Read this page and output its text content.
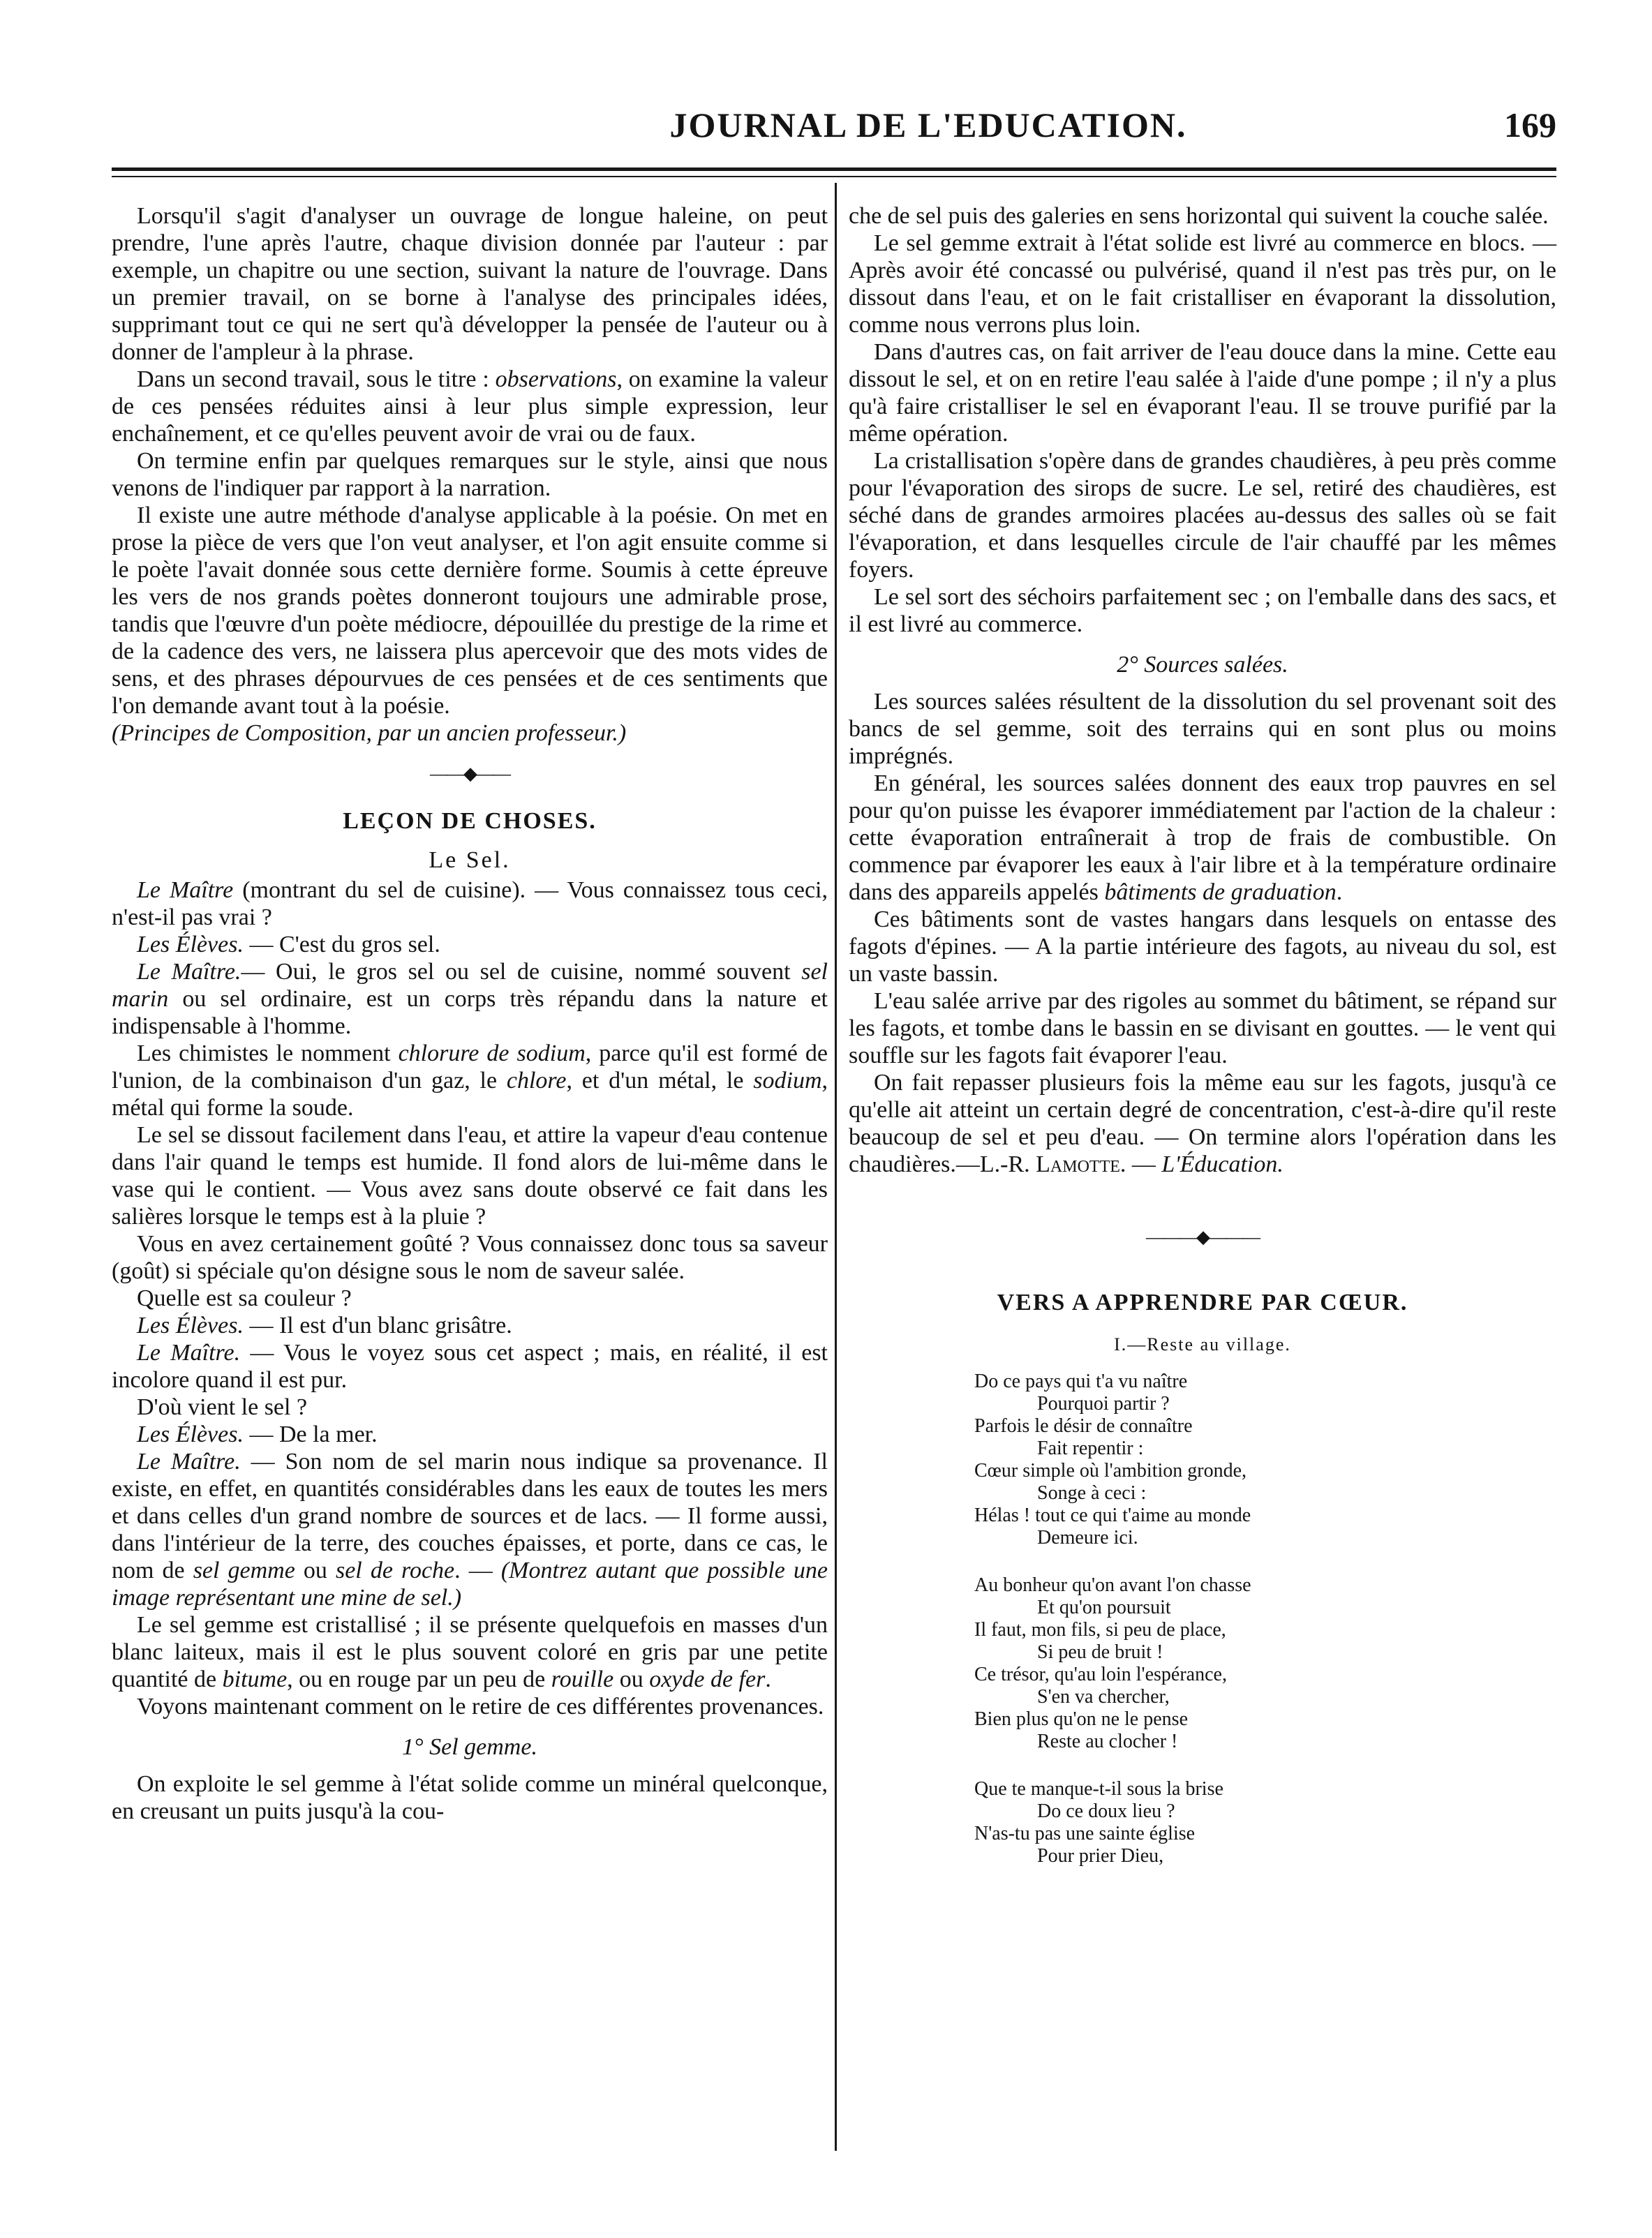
JOURNAL DE L'EDUCATION.	169

Lorsqu'il s'agit d'analyser un ouvrage de longue haleine, on peut prendre, l'une après l'autre, chaque division donnée par l'auteur : par exemple, un chapitre ou une section, suivant la nature de l'ouvrage. Dans un premier travail, on se borne à l'analyse des principales idées, supprimant tout ce qui ne sert qu'à développer la pensée de l'auteur ou à donner de l'ampleur à la phrase.

Dans un second travail, sous le titre : observations, on examine la valeur de ces pensées réduites ainsi à leur plus simple expression, leur enchaînement, et ce qu'elles peuvent avoir de vrai ou de faux.

On termine enfin par quelques remarques sur le style, ainsi que nous venons de l'indiquer par rapport à la narration.

Il existe une autre méthode d'analyse applicable à la poésie. On met en prose la pièce de vers que l'on veut analyser, et l'on agit ensuite comme si le poète l'avait donnée sous cette dernière forme. Soumis à cette épreuve les vers de nos grands poètes donneront toujours une admirable prose, tandis que l'œuvre d'un poète médiocre, dépouillée du prestige de la rime et de la cadence des vers, ne laissera plus apercevoir que des mots vides de sens, et des phrases dépourvues de ces pensées et de ces sentiments que l'on demande avant tout à la poésie.

(Principes de Composition, par un ancien professeur.)

——◆——
LEÇON DE CHOSES.
Le Sel.

Le Maître (montrant du sel de cuisine). — Vous connaissez tous ceci, n'est-il pas vrai ?

Les Élèves. — C'est du gros sel.

Le Maître.— Oui, le gros sel ou sel de cuisine, nommé souvent sel marin ou sel ordinaire, est un corps très répandu dans la nature et indispensable à l'homme.

Les chimistes le nomment chlorure de sodium, parce qu'il est formé de l'union, de la combinaison d'un gaz, le chlore, et d'un métal, le sodium, métal qui forme la soude.

Le sel se dissout facilement dans l'eau, et attire la vapeur d'eau contenue dans l'air quand le temps est humide. Il fond alors de lui-même dans le vase qui le contient. — Vous avez sans doute observé ce fait dans les salières lorsque le temps est à la pluie ?

Vous en avez certainement goûté ? Vous connaissez donc tous sa saveur (goût) si spéciale qu'on désigne sous le nom de saveur salée.

Quelle est sa couleur ?

Les Élèves. — Il est d'un blanc grisâtre.

Le Maître. — Vous le voyez sous cet aspect ; mais, en réalité, il est incolore quand il est pur.

D'où vient le sel ?

Les Élèves. — De la mer.

Le Maître. — Son nom de sel marin nous indique sa provenance. Il existe, en effet, en quantités considérables dans les eaux de toutes les mers et dans celles d'un grand nombre de sources et de lacs. — Il forme aussi, dans l'intérieur de la terre, des couches épaisses, et porte, dans ce cas, le nom de sel gemme ou sel de roche. — (Montrez autant que possible une image représentant une mine de sel.)

Le sel gemme est cristallisé ; il se présente quelquefois en masses d'un blanc laiteux, mais il est le plus souvent coloré en gris par une petite quantité de bitume, ou en rouge par un peu de rouille ou oxyde de fer.

Voyons maintenant comment on le retire de ces différentes provenances.

1° Sel gemme.

On exploite le sel gemme à l'état solide comme un minéral quelconque, en creusant un puits jusqu'à la cou-

che de sel puis des galeries en sens horizontal qui suivent la couche salée.

Le sel gemme extrait à l'état solide est livré au commerce en blocs. — Après avoir été concassé ou pulvérisé, quand il n'est pas très pur, on le dissout dans l'eau, et on le fait cristalliser en évaporant la dissolution, comme nous verrons plus loin.

Dans d'autres cas, on fait arriver de l'eau douce dans la mine. Cette eau dissout le sel, et on en retire l'eau salée à l'aide d'une pompe ; il n'y a plus qu'à faire cristalliser le sel en évaporant l'eau. Il se trouve purifié par la même opération.

La cristallisation s'opère dans de grandes chaudières, à peu près comme pour l'évaporation des sirops de sucre. Le sel, retiré des chaudières, est séché dans de grandes armoires placées au-dessus des salles où se fait l'évaporation, et dans lesquelles circule de l'air chauffé par les mêmes foyers.

Le sel sort des séchoirs parfaitement sec ; on l'emballe dans des sacs, et il est livré au commerce.

2° Sources salées.

Les sources salées résultent de la dissolution du sel provenant soit des bancs de sel gemme, soit des terrains qui en sont plus ou moins imprégnés.

En général, les sources salées donnent des eaux trop pauvres en sel pour qu'on puisse les évaporer immédiatement par l'action de la chaleur : cette évaporation entraînerait à trop de frais de combustible. On commence par évaporer les eaux à l'air libre et à la température ordinaire dans des appareils appelés bâtiments de graduation.

Ces bâtiments sont de vastes hangars dans lesquels on entasse des fagots d'épines. — A la partie intérieure des fagots, au niveau du sol, est un vaste bassin.

L'eau salée arrive par des rigoles au sommet du bâtiment, se répand sur les fagots, et tombe dans le bassin en se divisant en gouttes. — le vent qui souffle sur les fagots fait évaporer l'eau.

On fait repasser plusieurs fois la même eau sur les fagots, jusqu'à ce qu'elle ait atteint un certain degré de concentration, c'est-à-dire qu'il reste beaucoup de sel et peu d'eau. — On termine alors l'opération dans les chaudières.—L.-R. Lamotte. — L'Éducation.

———◆———
VERS A APPRENDRE PAR CŒUR.
I.—Reste au village.
Do ce pays qui t'a vu naître
Pourquoi partir ?
Parfois le désir de connaître
Fait repentir :
Cœur simple où l'ambition gronde,
Songe à ceci :
Hélas ! tout ce qui t'aime au monde
Demeure ici.
Au bonheur qu'on avant l'on chasse
Et qu'on poursuit
Il faut, mon fils, si peu de place,
Si peu de bruit !
Ce trésor, qu'au loin l'espérance,
S'en va chercher,
Bien plus qu'on ne le pense
Reste au clocher !
Que te manque-t-il sous la brise
Do ce doux lieu ?
N'as-tu pas une sainte église
Pour prier Dieu,
